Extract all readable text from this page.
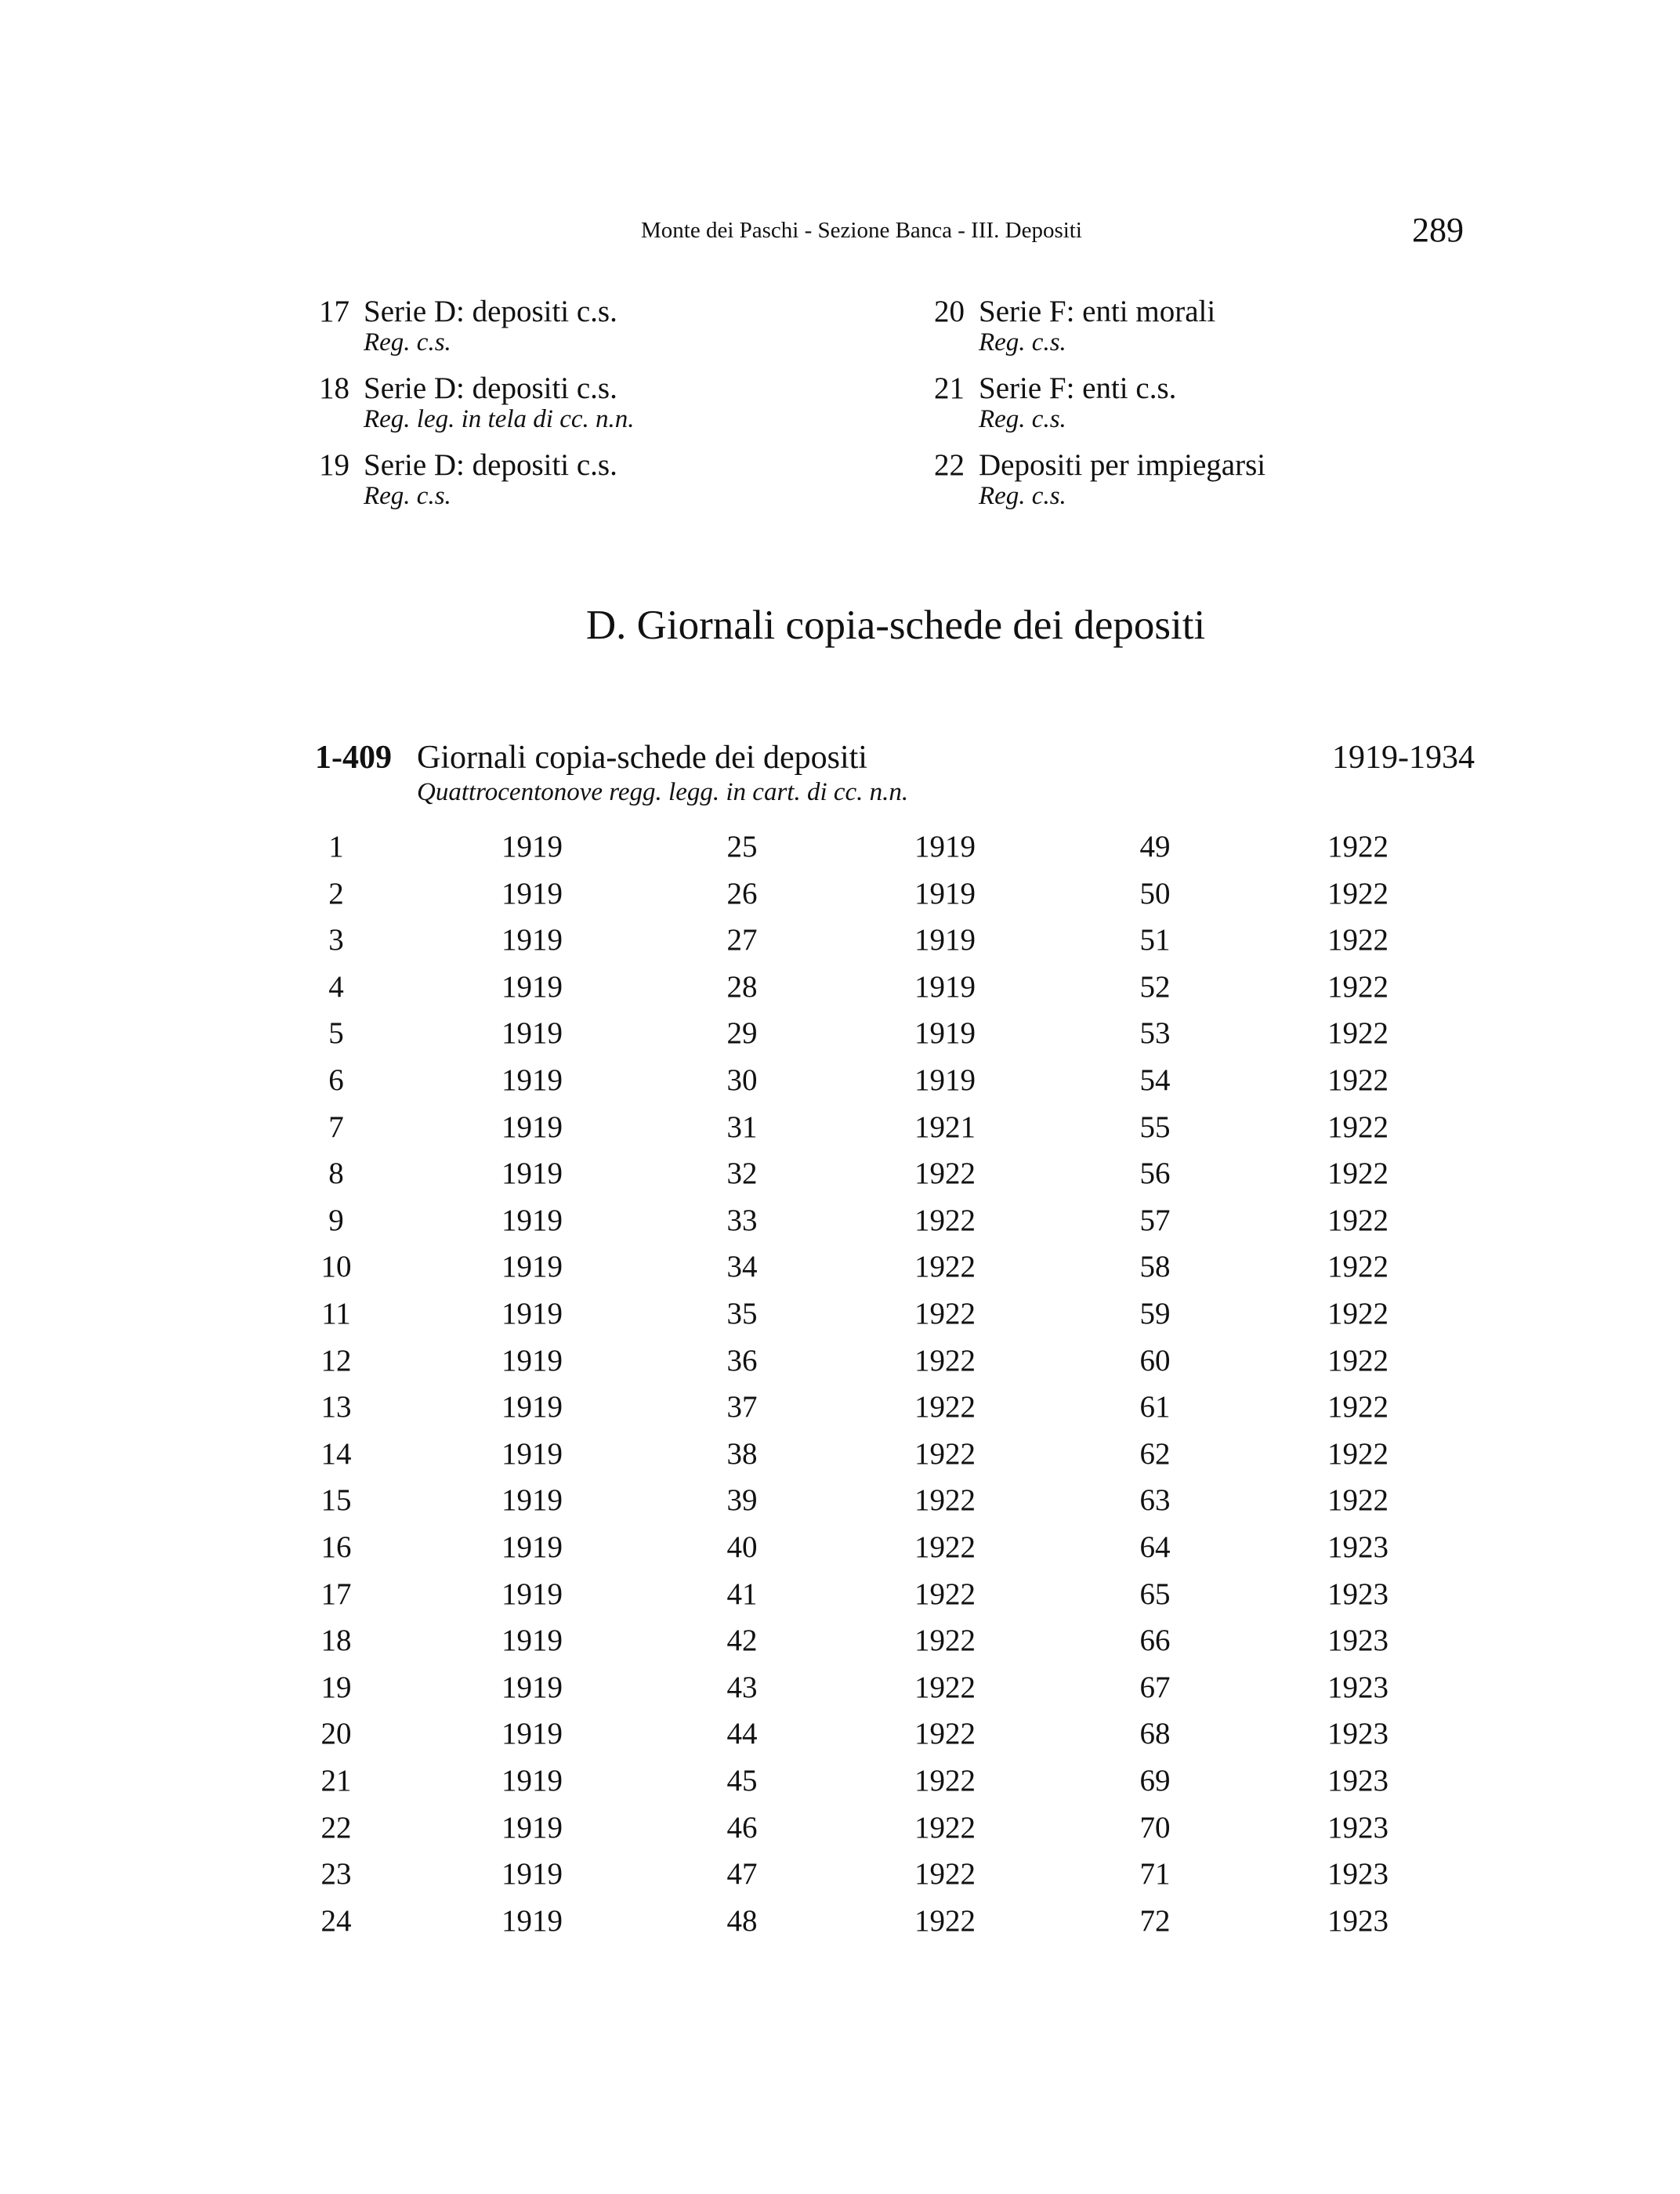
Monte dei Paschi - Sezione Banca - III. Depositi	289
17 Serie D: depositi c.s.
Reg. c.s.
18 Serie D: depositi c.s.
Reg. leg. in tela di cc. n.n.
19 Serie D: depositi c.s.
Reg. c.s.
20 Serie F: enti morali
Reg. c.s.
21 Serie F: enti c.s.
Reg. c.s.
22 Depositi per impiegarsi
Reg. c.s.
D. Giornali copia-schede dei depositi
1-409 Giornali copia-schede dei depositi	1919-1934
Quattrocentonove regg. legg. in cart. di cc. n.n.
1	1919	25	1919	49	1922
2	1919	26	1919	50	1922
3	1919	27	1919	51	1922
4	1919	28	1919	52	1922
5	1919	29	1919	53	1922
6	1919	30	1919	54	1922
7	1919	31	1921	55	1922
8	1919	32	1922	56	1922
9	1919	33	1922	57	1922
10	1919	34	1922	58	1922
11	1919	35	1922	59	1922
12	1919	36	1922	60	1922
13	1919	37	1922	61	1922
14	1919	38	1922	62	1922
15	1919	39	1922	63	1922
16	1919	40	1922	64	1923
17	1919	41	1922	65	1923
18	1919	42	1922	66	1923
19	1919	43	1922	67	1923
20	1919	44	1922	68	1923
21	1919	45	1922	69	1923
22	1919	46	1922	70	1923
23	1919	47	1922	71	1923
24	1919	48	1922	72	1923
